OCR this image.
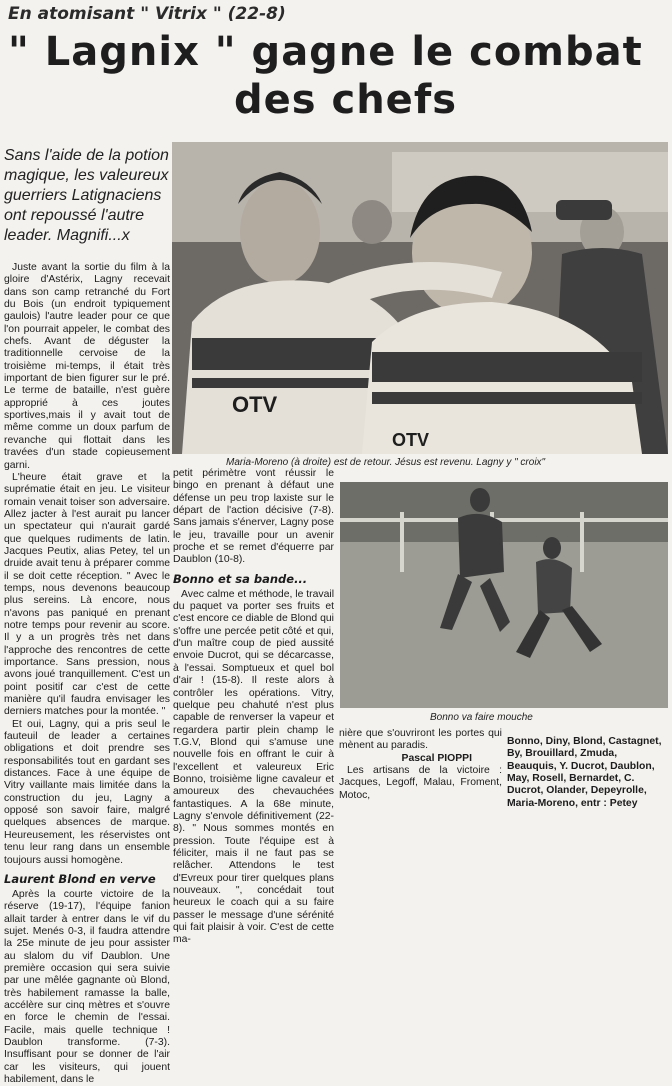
En atomisant " Vitrix " (22-8)
" Lagnix " gagne le combat
des chefs
Sans l'aide de la potion magique, les valeureux guerriers Latignaciens ont repoussé l'autre leader. Magnifi...x
OTV
OTV
Maria-Moreno (à droite) est de retour. Jésus est revenu. Lagny y " croix"
Bonno va faire mouche

Juste avant la sortie du film à la gloire d'Astérix, Lagny recevait dans son camp retranché du Fort du Bois (un endroit typiquement gaulois) l'autre leader pour ce que l'on pourrait appeler, le combat des chefs. Avant de déguster la traditionnelle cervoise de la troisième mi-temps, il était très important de bien figurer sur le pré. Le terme de bataille, n'est guère approprié à ces joutes sportives,mais il y avait tout de même comme un doux parfum de revanche qui flottait dans les travées d'un stade copieusement garni.

L'heure était grave et la suprématie était en jeu. Le visiteur romain venait toiser son adversaire. Allez jacter à l'est aurait pu lancer un spectateur qui n'aurait gardé que quelques rudiments de latin. Jacques Peutix, alias Petey, tel un druide avait tenu à préparer comme il se doit cette réception. " Avec le temps, nous devenons beaucoup plus sereins. Là encore, nous n'avons pas paniqué en prenant notre temps pour revenir au score. Il y a un progrès très net dans l'approche des rencontres de cette importance. Sans pression, nous avons joué tranquillement. C'est un point positif car c'est de cette manière qu'il faudra envisager les derniers matches pour la montée. "

Et oui, Lagny, qui a pris seul le fauteuil de leader a certaines obligations et doit prendre ses responsabilités tout en gardant ses distances. Face à une équipe de Vitry vaillante mais limitée dans la construction du jeu, Lagny a opposé son savoir faire, malgré quelques absences de marque. Heureusement, les réservistes ont tenu leur rang dans un ensemble toujours aussi homogène.

Laurent Blond en verve

Après la courte victoire de la réserve (19-17), l'équipe fanion allait tarder à entrer dans le vif du sujet. Menés 0-3, il faudra attendre la 25e minute de jeu pour assister au slalom du vif Daublon. Une première occasion qui sera suivie par une mêlée gagnante où Blond, très habilement ramasse la balle, accélère sur cinq mètres et s'ouvre en force le chemin de l'essai. Facile, mais quelle technique ! Daublon transforme. (7-3). Insuffisant pour se donner de l'air car les visiteurs, qui jouent habilement, dans le

petit périmètre vont réussir le bingo en prenant à défaut une défense un peu trop laxiste sur le départ de l'action décisive (7-8). Sans jamais s'énerver, Lagny pose le jeu, travaille pour un avenir proche et se remet d'équerre par Daublon (10-8).

Bonno et sa bande...

Avec calme et méthode, le travail du paquet va porter ses fruits et c'est encore ce diable de Blond qui s'offre une percée petit côté et qui, d'un maître coup de pied aussité envoie Ducrot, qui se décarcasse, à l'essai. Somptueux et quel bol d'air ! (15-8). Il reste alors à contrôler les opérations. Vitry, quelque peu chahuté n'est plus capable de renverser la vapeur et regardera partir plein champ le T.G.V, Blond qui s'amuse une nouvelle fois en offrant le cuir à l'excellent et valeureux Eric Bonno, troisième ligne cavaleur et amoureux des chevauchées fantastiques. A la 68e minute, Lagny s'envole définitivement (22-8). " Nous sommes montés en pression. Toute l'équipe est à féliciter, mais il ne faut pas se relâcher. Attendons le test d'Evreux pour tirer quelques plans nouveaux. ", concédait tout heureux le coach qui a su faire passer le message d'une sérénité qui fait plaisir à voir. C'est de cette ma-

nière que s'ouvriront les portes qui mènent au paradis.

Pascal PIOPPI

Les artisans de la victoire : Jacques, Legoff, Malau, Froment, Motoc,

Bonno, Diny, Blond, Castagnet, By, Brouillard, Zmuda, Beauquis, Y. Ducrot, Daublon, May, Rosell, Bernardet, C. Ducrot, Olander, Depeyrolle, Maria-Moreno, entr : Petey
